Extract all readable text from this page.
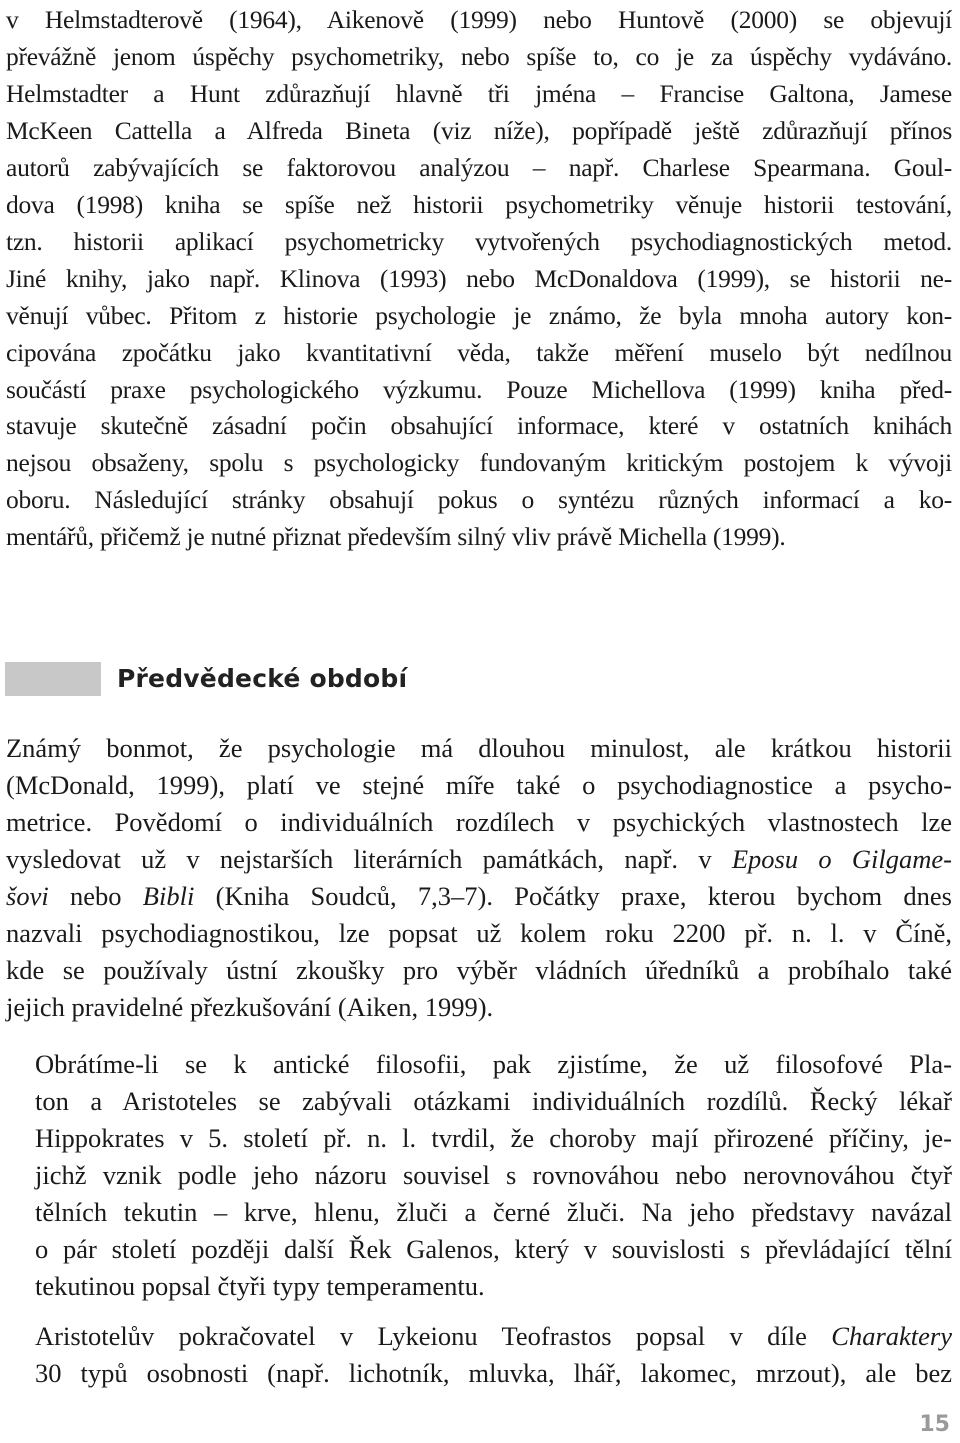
v Helmstadterově (1964), Aikenově (1999) nebo Huntově (2000) se objevují
převážně jenom úspěchy psychometriky, nebo spíše to, co je za úspěchy vydáváno.
Helmstadter a Hunt zdůrazňují hlavně tři jména – Francise Galtona, Jamese
McKeen Cattella a Alfreda Bineta (viz níže), popřípadě ještě zdůrazňují přínos
autorů zabývajících se faktorovou analýzou – např. Charlese Spearmana. Goul-
dova (1998) kniha se spíše než historii psychometriky věnuje historii testování,
tzn. historii aplikací psychometricky vytvořených psychodiagnostických metod.
Jiné knihy, jako např. Klinova (1993) nebo McDonaldova (1999), se historii ne-
věnují vůbec. Přitom z historie psychologie je známo, že byla mnoha autory kon-
cipována zpočátku jako kvantitativní věda, takže měření muselo být nedílnou
součástí praxe psychologického výzkumu. Pouze Michellova (1999) kniha před-
stavuje skutečně zásadní počin obsahující informace, které v ostatních knihách
nejsou obsaženy, spolu s psychologicky fundovaným kritickým postojem k vývoji
oboru. Následující stránky obsahují pokus o syntézu různých informací a ko-
mentářů, přičemž je nutné přiznat především silný vliv právě Michella (1999).

Předvědecké období

Známý bonmot, že psychologie má dlouhou minulost, ale krátkou historii
(McDonald, 1999), platí ve stejné míře také o psychodiagnostice a psycho-
metrice. Povědomí o individuálních rozdílech v psychických vlastnostech lze
vysledovat už v nejstarších literárních památkách, např. v Eposu o Gilgame-
šovi nebo Bibli (Kniha Soudců, 7,3–7). Počátky praxe, kterou bychom dnes
nazvali psychodiagnostikou, lze popsat už kolem roku 2200 př. n. l. v Číně,
kde se používaly ústní zkoušky pro výběr vládních úředníků a probíhalo také
jejich pravidelné přezkušování (Aiken, 1999).

Obrátíme-li se k antické filosofii, pak zjistíme, že už filosofové Pla-
ton a Aristoteles se zabývali otázkami individuálních rozdílů. Řecký lékař
Hippokrates v 5. století př. n. l. tvrdil, že choroby mají přirozené příčiny, je-
jichž vznik podle jeho názoru souvisel s rovnováhou nebo nerovnováhou čtyř
tělních tekutin – krve, hlenu, žluči a černé žluči. Na jeho představy navázal
o pár století později další Řek Galenos, který v souvislosti s převládající tělní
tekutinou popsal čtyři typy temperamentu.

Aristotelův pokračovatel v Lykeionu Teofrastos popsal v díle Charaktery
30 typů osobnosti (např. lichotník, mluvka, lhář, lakomec, mrzout), ale bez

15
